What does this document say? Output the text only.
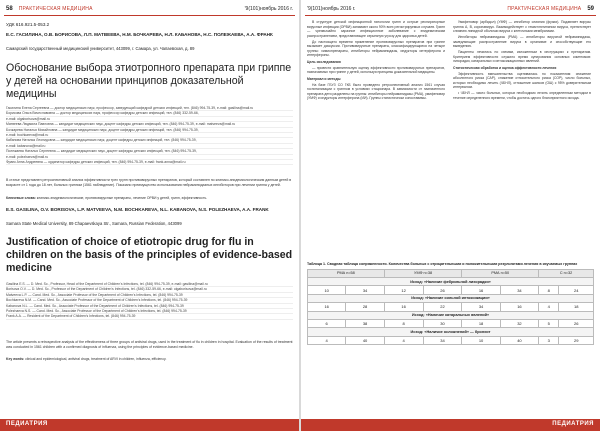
58 ПРАКТИЧЕСКАЯ МЕДИЦИНА	'9(101)ноябрь 2016 г.
УДК 616.921.5-053.2
Е.С. ГАСИЛИНА, О.В. БОРИСОВА, Л.П. МАТВЕЕВА, Н.М. БОЧКАРЕВА, Н.Л. КАБАНОВА, Н.С. ПОЛЕЖАЕВА, А.А. ФРАНК
Самарский государственный медицинский университет, 443099, г. Самара, ул. Чапаевская, д. 89
Обоснование выбора этиотропного препарата при гриппе у детей на основании принципов доказательной медицины
Гасилина Елена Сергеевна — доктор медицинских наук, профессор, заведующий кафедрой детских инфекций, тел. (846) 994-75-39, e-mail: gasilina@mail.ru
Борисова Ольга Вячеславовна — доктор медицинских наук, профессор кафедры детских инфекций, тел. (846) 332-59-66,
e-mail: olgaborisova@mail.ru
Матвеева Людмила Павловна — кандидат медицинских наук, доцент кафедры детских инфекций, тел. (846) 994-75-39, e-mail: matveeva@mail.ru
Бочкарева Наталья Михайловна — кандидат медицинских наук, доцент кафедры детских инфекций, тел. (846) 994-75-39,
e-mail: bochkareva@mail.ru
Кабанова Наталья Леонидовна — кандидат медицинских наук, доцент кафедры детских инфекций, тел. (846) 994-75-39,
e-mail: kabanova@mail.ru
Полежаева Наталья Сергеевна — кандидат медицинских наук, доцент кафедры детских инфекций, тел. (846) 994-75-39,
e-mail: polezhaeva@mail.ru
Франк Анна Андреевна — ординатор кафедры детских инфекций, тел. (846) 994-75-39, e-mail: frank.anna@mail.ru
В статье представлен ретроспективный анализ эффективности трех групп противовирусных препаратов, который составлен по клинико-эпидемиологическим данным детей в возрасте от 1 года до 18 лет, больных гриппом (1561 наблюдение). Показано преимущество использования нейраминидазных ингибиторов при лечении гриппа у детей.
Ключевые слова: клинико-эпидемиологические, противовирусные препараты, лечение ОРВИ у детей, грипп, эффективность.
E.S. GASILINA, O.V. BORISOVA, L.P. MATVEEVA, N.M. BOCHKAREVA, N.L. KABANOVA, N.S. POLEZHAEVA, A.A. FRANK
Samara State Medical University, 89 Chapaevskaya Str., Samara, Russian Federation, 443099
Justification of choice of etiotropic drug for flu in children on the basis of the principles of evidence-based medicine
Gasilina E.S. — D. Med. Sc., Professor, Head of the Department of Children's Infections, tel. (846) 994-75-39, e-mail: gasilina@mail.ru
Borisova O.V. — D. Med. Sc., Professor of the Department of Children's Infections, tel. (846) 332-59-66, e-mail: olgaborisova@mail.ru
Matveeva L.P. — Cand. Med. Sc., Associate Professor of the Department of Children's Infections, tel. (846) 994-75-39
Bochkareva N.M. — Cand. Med. Sc., Associate Professor of the Department of Children's Infections, tel. (846) 994-75-39
Kabanova N.L. — Cand. Med. Sc., Associate Professor of the Department of Children's Infections, tel. (846) 994-75-39
Polezhaeva N.S. — Cand. Med. Sc., Associate Professor of the Department of Children's Infections, tel. (846) 994-75-39
Frank A.A. — Resident of the Department of Children's Infections, tel. (846) 994-75-39
The article presents a retrospective analysis of the effectiveness of three groups of antiviral drugs, used in the treatment of flu in children in hospital. Evaluation of the results of treatment was conducted in 1561 children with a confirmed diagnosis of influenza, using the principles of evidence-based medicine.
Key words: clinical and epidemiological, antiviral drugs, treatment of ARVI in children, influenza, efficiency.
ПЕДИАТРИЯ
'9(101)ноябрь 2016 г.	ПРАКТИЧЕСКАЯ МЕДИЦИНА 59

В структуре детской инфекционной патологии грипп и острые респираторные вирусные инфекции (ОРВИ) занимают около 90% всех регистрируемых случаев. Грипп — чрезвычайно заразное инфекционное заболевание с эпидемическим распространением, представляющее серьезную угрозу для здоровья детей.

До настоящего времени применение противовирусных препаратов при гриппе вызывает дискуссии. Противовирусные препараты, классифицирующиеся на четыре группы: химиопрепараты, ингибиторы нейраминидазы, индукторы интерферона и интерфероны.

Цель исследования

— провести сравнительную оценку эффективности противовирусных препаратов, назначаемых при гриппе у детей, используя принципы доказательной медицины.

Материал и методы

На базе ГБУЗ СО ГКБ было проведено ретроспективный анализ 1561 случая госпитализации с гриппом в условиях стационара. В зависимости от назначенного препарата дети разделены на группы: ингибиторы нейраминидазы (РМА), умифеновир (УМФ) и индукторы интерферона (ИИ). Группы статистически сопоставимы.

Умифеновир (арбидол) (УМФ) — ингибитор слияния (фузии). Подавляет вирусы гриппа А, В, коронавирус. Взаимодействует с гемагглютинином вируса, препятствует слиянию липидной оболочки вируса с клеточными мембранами.

Ингибиторы нейраминидазы (РМА) — ингибиторы вирусной нейраминидазы, замедляющие распространение вируса в организме и способствующие его выведению.

Пациенты лечились по схемам, изложенным в инструкциях к препаратам. Критерием эффективности служило время купирования основных симптомов: лихорадки, катаральных и интоксикационных явлений.

Статистическая обработка и оценка эффективности лечения

Эффективность вмешательства оценивалась по показателям: снижение абсолютного риска (САР), снижение относительного риска (СОР), число больных, которых необходимо лечить (ЧБНЛ), отношение шансов (ОШ) с 95% доверительным интервалом.

• ЧБНЛ — число больных, которых необходимо лечить определенным методом в течение определенного времени, чтобы достичь одного благоприятного исхода.

Таблица 1. Сводная таблица сопряженности. Количества больных с отрицательными и положительными результатами лечения в изучаемых группах
РМА n=58		УМФ n=38		РМА n=50		С n=32	
Исход: «Наличие фебрильной лихорадки»							
10	34	12	26	16	34	8	24
Исход: «Наличие сильной интоксикации»							
16	28	16	22	34	16	4	18
Исход: «Наличие катаральных явлений»							
6	38	8	30	18	32	5	26
Исход: «Наличие осложнений» — бронхит							
4	40	4	34	10	40	3	29
ПЕДИАТРИЯ
